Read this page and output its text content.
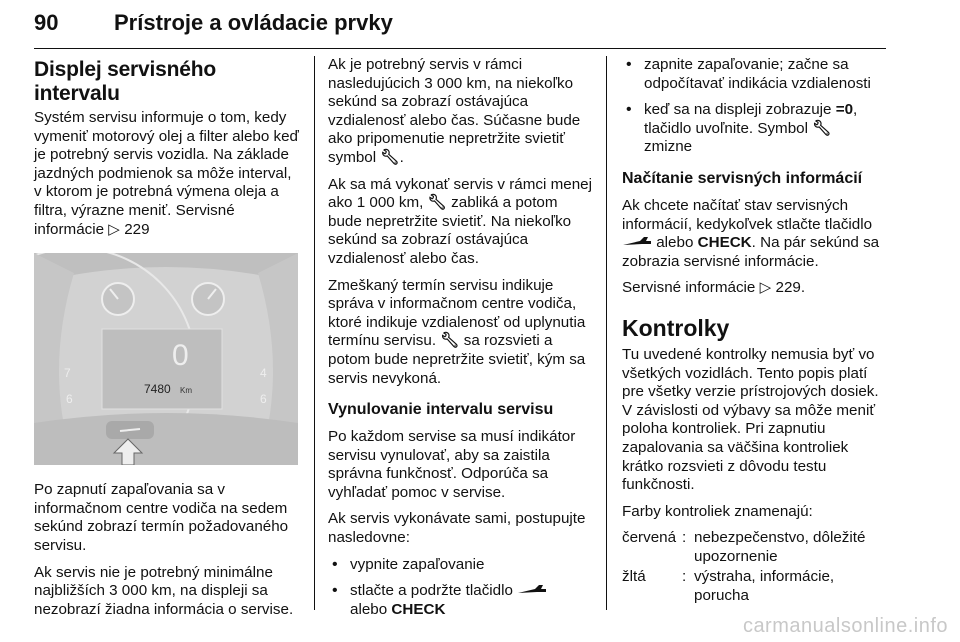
90	Prístroje a ovládacie prvky
Displej servisného intervalu

Systém servisu informuje o tom, kedy vymeniť motorový olej a filter alebo keď je potrebný servis vozidla. Na základe jazdných podmienok sa môže interval, v ktorom je potrebná výmena oleja a filtra, výrazne meniť. Servisné informácie ▷ 229

0
7480 Km
7
6
4
6

Po zapnutí zapaľovania sa v informačnom centre vodiča na sedem sekúnd zobrazí termín požadovaného servisu.

Ak servis nie je potrebný minimálne najbližších 3 000 km, na displeji sa nezobrazí žiadna informácia o servise.

Ak je potrebný servis v rámci nasledujúcich 3 000 km, na niekoľko sekúnd sa zobrazí ostávajúca vzdialenosť alebo čas. Súčasne bude ako pripomenutie nepretržite svietiť symbol 🔧︎.

Ak sa má vykonať servis v rámci menej ako 1 000 km, 🔧︎ zabliká a potom bude nepretržite svietiť. Na niekoľko sekúnd sa zobrazí ostávajúca vzdialenosť alebo čas.

Zmeškaný termín servisu indikuje správa v informačnom centre vodiča, ktoré indikuje vzdialenosť od uplynutia termínu servisu. 🔧︎ sa rozsvieti a potom bude nepretržite svietiť, kým sa servis nevykoná.

Vynulovanie intervalu servisu

Po každom servise sa musí indikátor servisu vynulovať, aby sa zaistila správna funkčnosť. Odporúča sa vyhľadať pomoc v servise.

Ak servis vykonávate sami, postupujte nasledovne:

• vypnite zapaľovanie
• stlačte a podržte tlačidlo
alebo CHECK
• zapnite zapaľovanie; začne sa odpočítavať indikácia vzdialenosti
• keď sa na displeji zobrazuje =0, tlačidlo uvoľnite. Symbol 🔧︎
zmizne
Načítanie servisných informácií

Ak chcete načítať stav servisných informácií, kedykoľvek stlačte tlačidlo  alebo CHECK. Na pár sekúnd sa zobrazia servisné informácie.

Servisné informácie ▷ 229.

Kontrolky

Tu uvedené kontrolky nemusia byť vo všetkých vozidlách. Tento popis platí pre všetky verzie prístrojových dosiek. V závislosti od výbavy sa môže meniť poloha kontroliek. Pri zapnutiu zapalovania sa väčšina kontroliek krátko rozsvieti z dôvodu testu funkčnosti.

Farby kontroliek znamenajú:

červená : nebezpečenstvo, dôležité upozornenie
žltá	: výstraha, informácie, porucha
carmanualsonline.info
